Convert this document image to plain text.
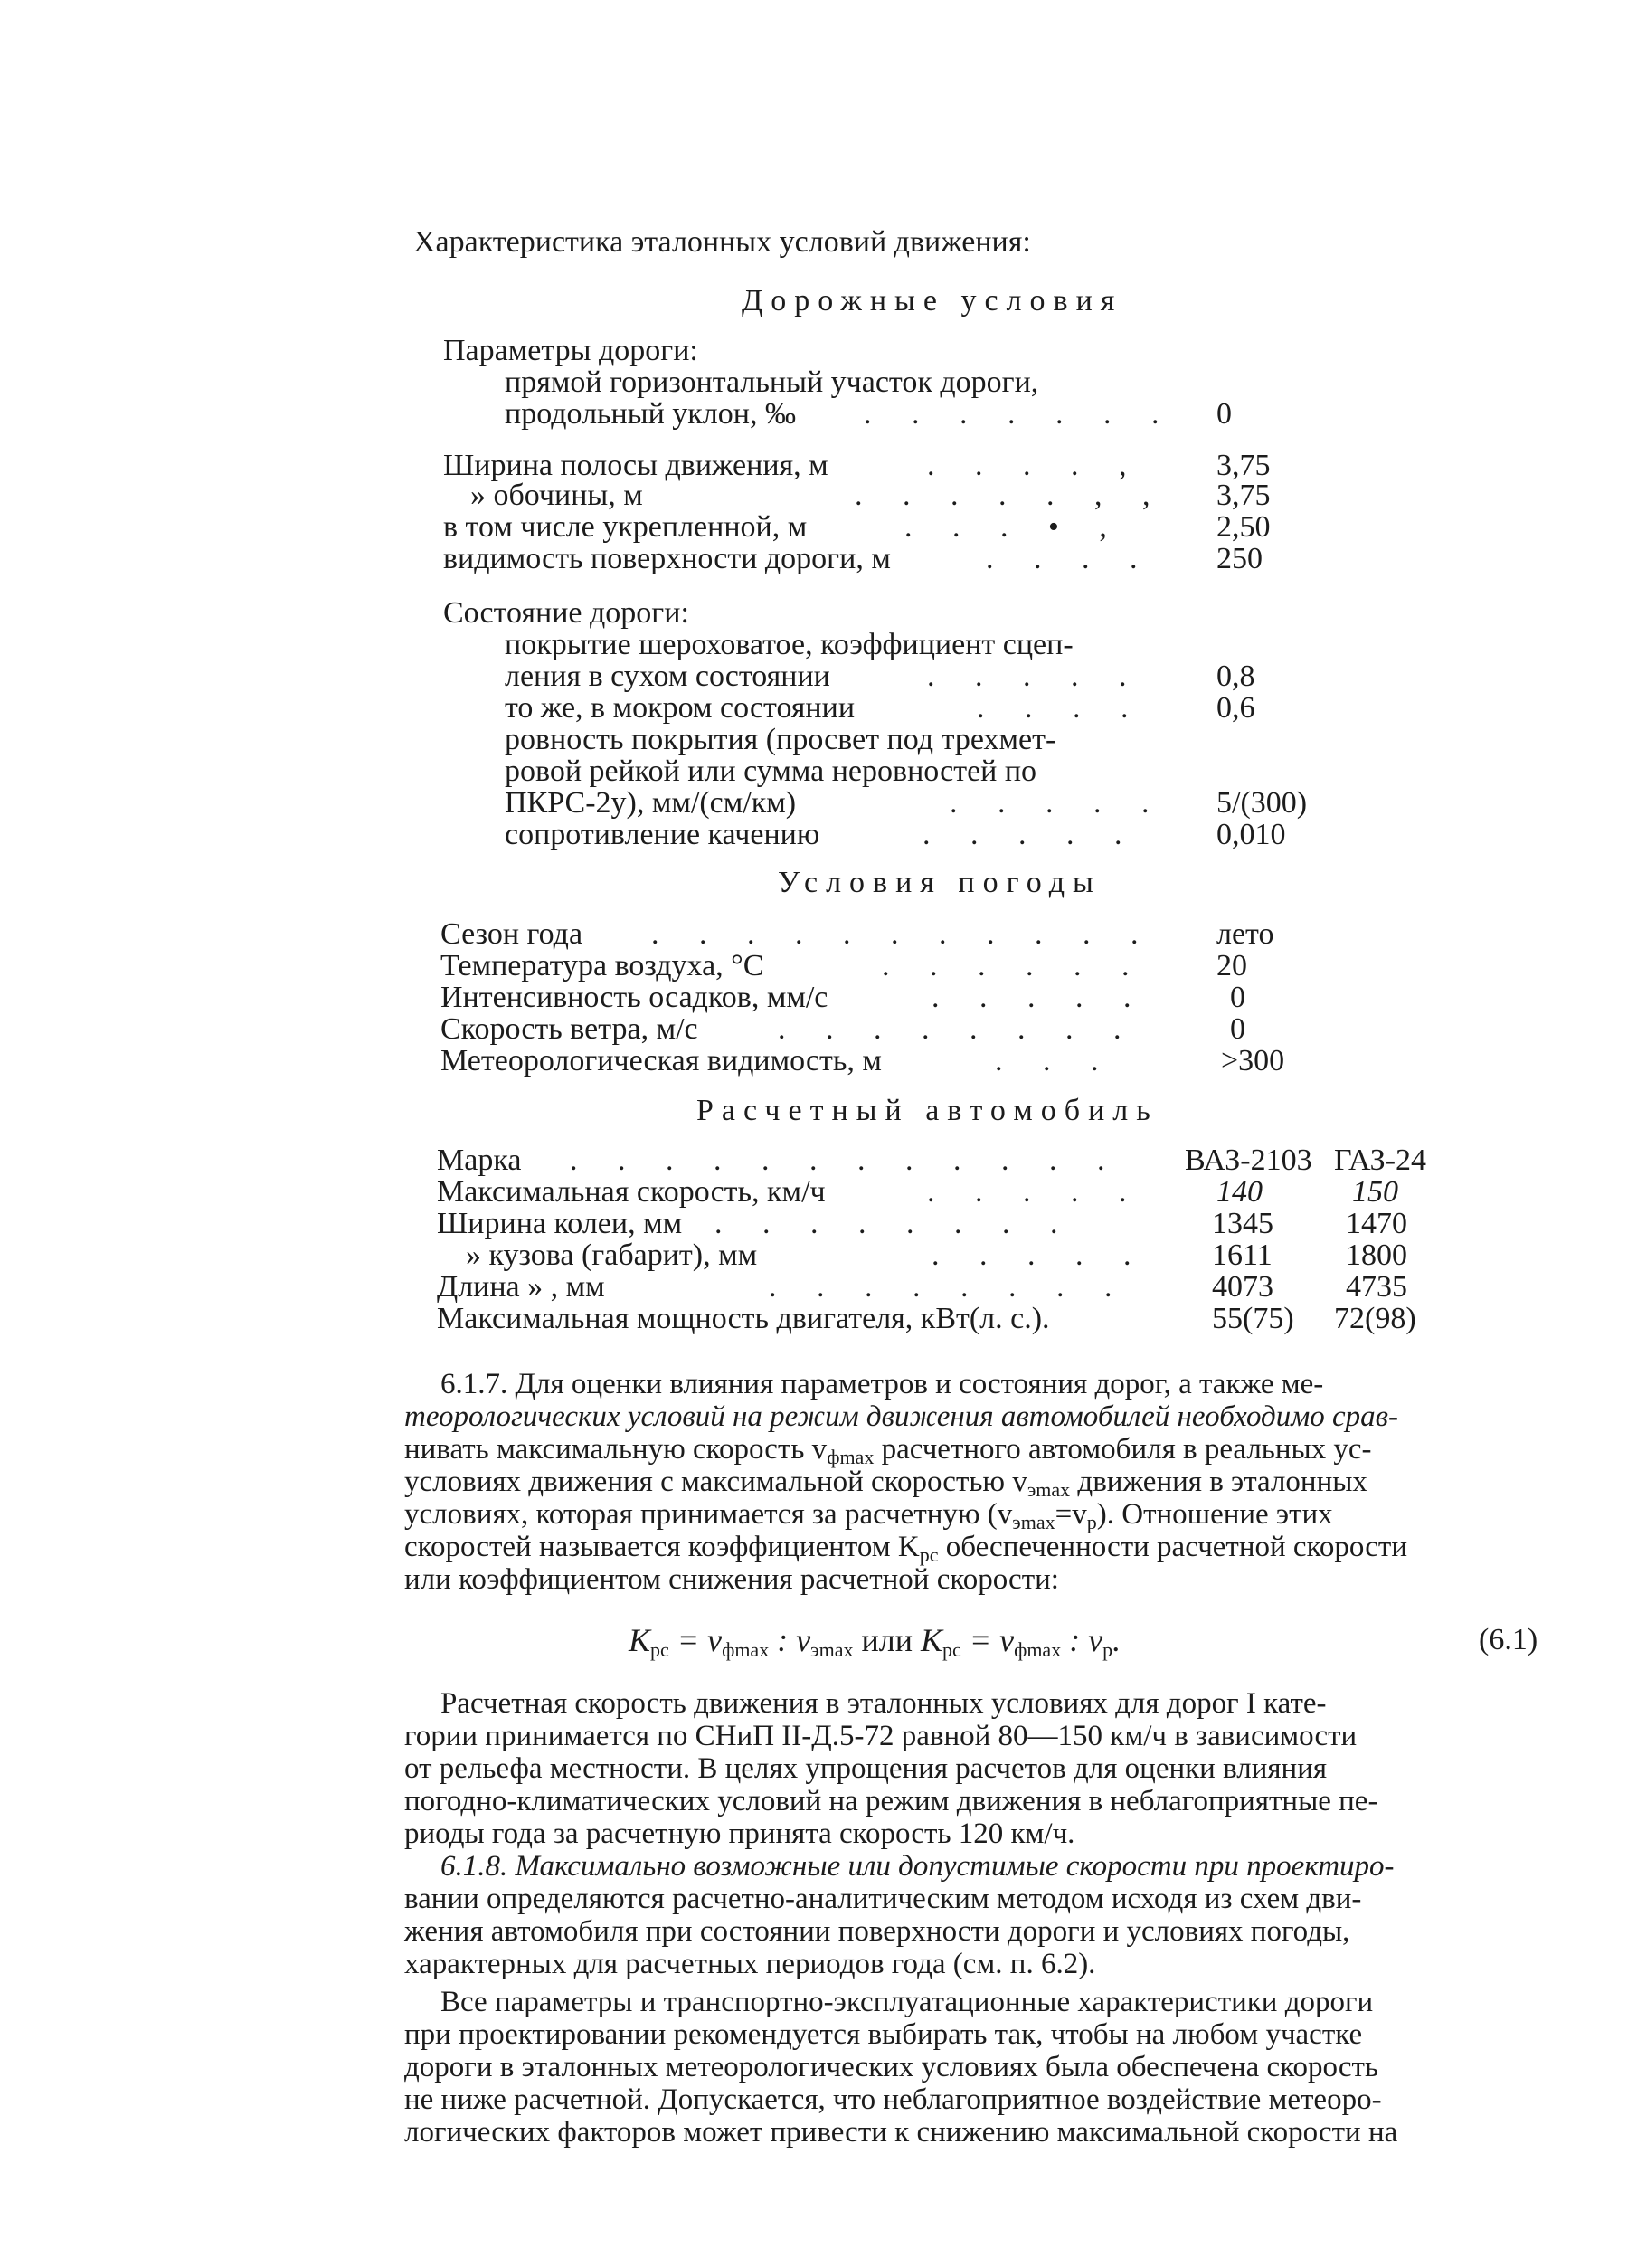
Характеристика эталонных условий движения:
Дорожные условия
Параметры дороги:
прямой горизонтальный участок дороги,
продольный уклон, ‰ . . . . . . . 0
Ширина полосы движения, м	. . . . , 3,75
» обочины, м	. . . . . , , 3,75
в том числе укрепленной, м	. . . • ,	2,50
видимость поверхности дороги, м	. . . . 250
Состояние дороги:
покрытие шероховатое, коэффициент сцеп-
ления в сухом состоянии	. . . . . 0,8
то же, в мокром состоянии	. . . . 0,6
ровность покрытия (просвет под трехмет-
ровой рейкой или сумма неровностей по
ПКРС-2у), мм/(см/км)	. . . . . 5/(300)
сопротивление качению	. . . . .	0,010
Условия погоды
Сезон года . . . . . . . . . . . лето
Температура воздуха, °C	. . . . . . 20
Интенсивность осадков, мм/с	. . . . .	0
Скорость ветра, м/с	. . . . . . . .	0
Метеорологическая видимость, м	. . .	>300
Расчетный автомобиль
Марка . . . . . . . . . . . . ВАЗ-2103 ГАЗ-24
Максимальная скорость, км/ч	. . . . . 140	150
Ширина колеи, мм . . . . . . . .	1345 1470
» кузова (габарит), мм	. . . . . 1611 1800
Длина » , мм	. . . . . . . .	4073 4735
Максимальная мощность двигателя, кВт(л. с.).	55(75) 72(98)
6.1.7. Для оценки влияния параметров и состояния дорог, а также ме-
теорологических условий на режим движения автомобилей необходимо срав-
нивать максимальную скорость $v_{фmax}$ расчетного автомобиля в реальных ус-
условиях движения с максимальной скоростью $v_{эmax}$ движения в эталонных
условиях, которая принимается за расчетную $(v_{эmax}=v_р)$. Отношение этих
скоростей называется коэффициентом $K_{рс}$ обеспеченности расчетной скорости
или коэффициентом снижения расчетной скорости:
$K_{рс} = v_{фmax}$ : $v_{эmax}$ или $K_{рс} = v_{фmax}$ : $v_р$.	(6.1)
Расчетная скорость движения в эталонных условиях для дорог I кате-
гории принимается по СНиП II-Д.5-72 равной 80—150 км/ч в зависимости
от рельефа местности. В целях упрощения расчетов для оценки влияния
погодно-климатических условий на режим движения в неблагоприятные пе-
риоды года за расчетную принята скорость 120 км/ч.
6.1.8. Максимально возможные или допустимые скорости при проектиро-
вании определяются расчетно-аналитическим методом исходя из схем дви-
жения автомобиля при состоянии поверхности дороги и условиях погоды,
характерных для расчетных периодов года (см. п. 6.2).
Все параметры и транспортно-эксплуатационные характеристики дороги
при проектировании рекомендуется выбирать так, чтобы на любом участке
дороги в эталонных метеорологических условиях была обеспечена скорость
не ниже расчетной. Допускается, что неблагоприятное воздействие метеоро-
логических факторов может привести к снижению максимальной скорости на
